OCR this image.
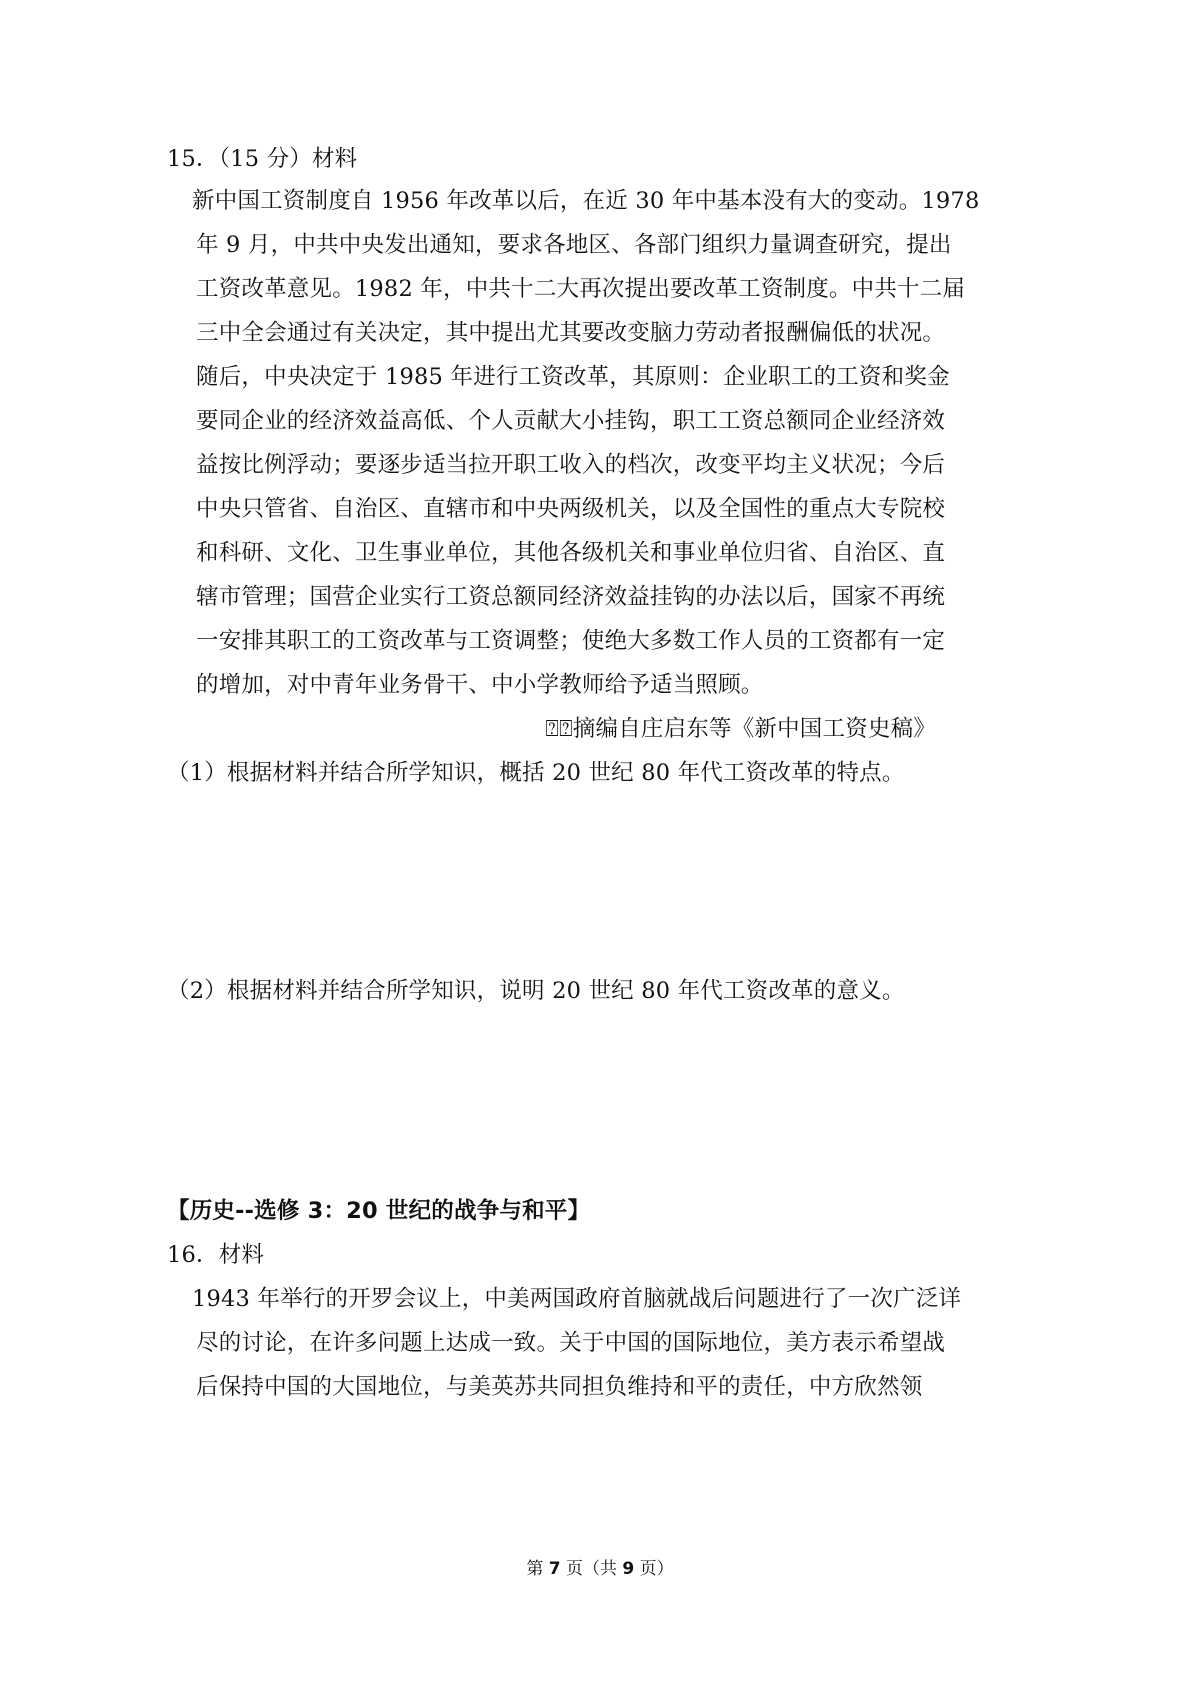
15．（15 分）材料

新中国工资制度自 1956 年改革以后，在近 30 年中基本没有大的变动。1978

年 9 月，中共中央发出通知，要求各地区、各部门组织力量调查研究，提出

工资改革意见。1982 年，中共十二大再次提出要改革工资制度。中共十二届

三中全会通过有关决定，其中提出尤其要改变脑力劳动者报酬偏低的状况。

随后，中央决定于 1985 年进行工资改革，其原则：企业职工的工资和奖金

要同企业的经济效益高低、个人贡献大小挂钩，职工工资总额同企业经济效

益按比例浮动；要逐步适当拉开职工收入的档次，改变平均主义状况；今后

中央只管省、自治区、直辖市和中央两级机关，以及全国性的重点大专院校

和科研、文化、卫生事业单位，其他各级机关和事业单位归省、自治区、直

辖市管理；国营企业实行工资总额同经济效益挂钩的办法以后，国家不再统

一安排其职工的工资改革与工资调整；使绝大多数工作人员的工资都有一定

的增加，对中青年业务骨干、中小学教师给予适当照顾。

⍰⍰摘编自庄启东等《新中国工资史稿》

（1）根据材料并结合所学知识，概括 20 世纪 80 年代工资改革的特点。

（2）根据材料并结合所学知识，说明 20 世纪 80 年代工资改革的意义。

【历史--选修 3：20 世纪的战争与和平】

16．材料

1943 年举行的开罗会议上，中美两国政府首脑就战后问题进行了一次广泛详

尽的讨论，在许多问题上达成一致。关于中国的国际地位，美方表示希望战

后保持中国的大国地位，与美英苏共同担负维持和平的责任，中方欣然领

第 7 页（共 9 页）
